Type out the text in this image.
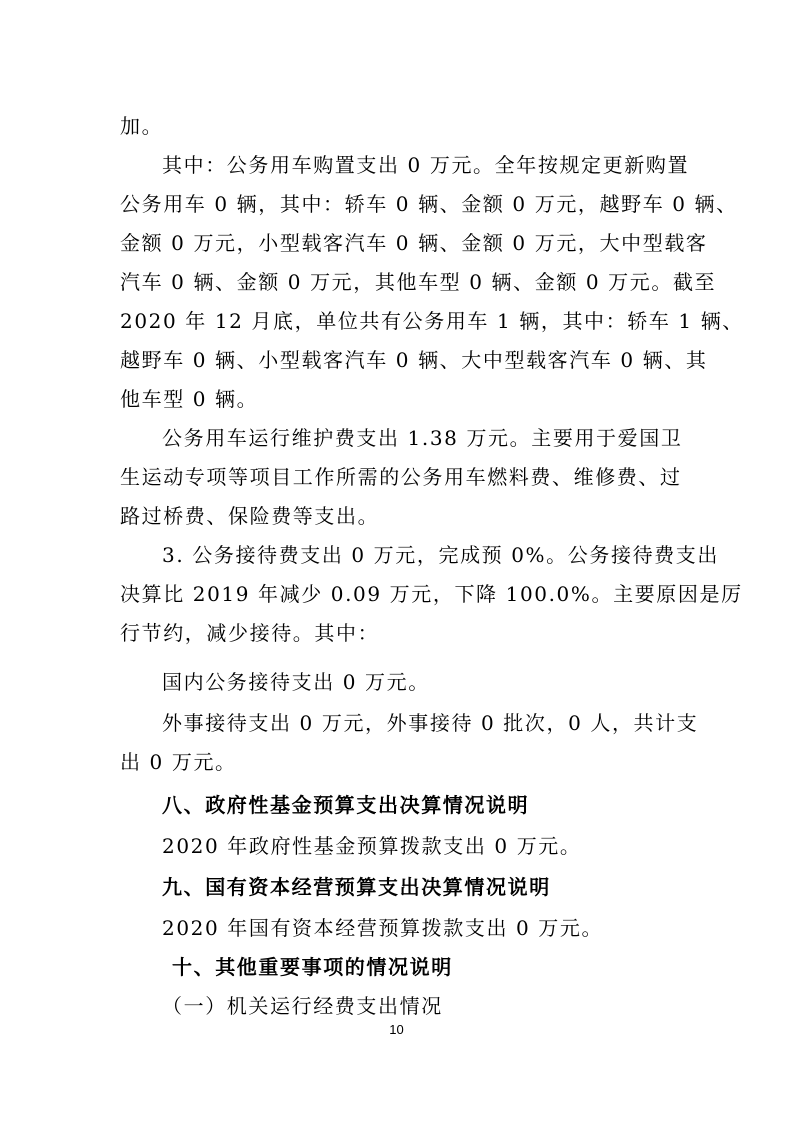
加。
其中：公务用车购置支出 0 万元。全年按规定更新购置
公务用车 0 辆，其中：轿车 0 辆、金额 0 万元，越野车 0 辆、
金额 0 万元，小型载客汽车 0 辆、金额 0 万元，大中型载客
汽车 0 辆、金额 0 万元，其他车型 0 辆、金额 0 万元。截至
2020 年 12 月底，单位共有公务用车 1 辆，其中：轿车 1 辆、
越野车 0 辆、小型载客汽车 0 辆、大中型载客汽车 0 辆、其
他车型 0 辆。
公务用车运行维护费支出 1.38 万元。主要用于爱国卫
生运动专项等项目工作所需的公务用车燃料费、维修费、过
路过桥费、保险费等支出。
3. 公务接待费支出 0 万元，完成预 0%。公务接待费支出
决算比 2019 年减少 0.09 万元，下降 100.0%。主要原因是厉
行节约，减少接待。其中：
国内公务接待支出 0 万元。
外事接待支出 0 万元，外事接待 0 批次，0 人，共计支
出 0 万元。
八、政府性基金预算支出决算情况说明
2020 年政府性基金预算拨款支出 0 万元。
九、国有资本经营预算支出决算情况说明
2020 年国有资本经营预算拨款支出 0 万元。
十、其他重要事项的情况说明
（一）机关运行经费支出情况
10
